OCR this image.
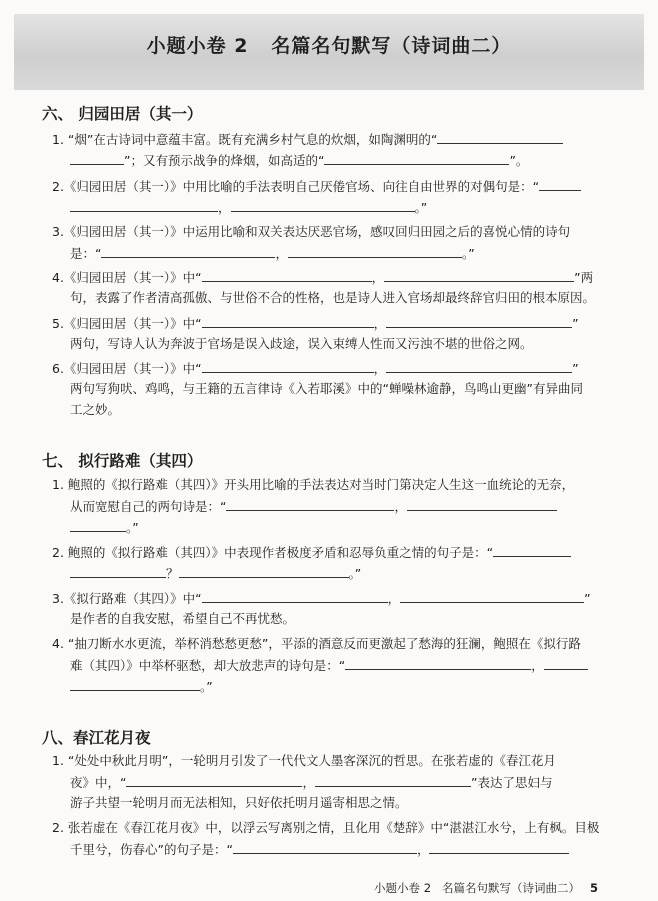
小题小卷 2   名篇名句默写（诗词曲二）
六、 归园田居（其一）
1. “烟”在古诗词中意蕴丰富。既有充满乡村气息的炊烟，如陶渊明的“
”；又有预示战争的烽烟，如高适的“	”。
2.《归园田居（其一）》中用比喻的手法表明自己厌倦官场、向往自由世界的对偶句是：“
，	。”
3.《归园田居（其一）》中运用比喻和双关表达厌恶官场，感叹回归田园之后的喜悦心情的诗句
是：“	，	。”
4.《归园田居（其一）》中“	，	”两
句，表露了作者清高孤傲、与世俗不合的性格，也是诗人进入官场却最终辞官归田的根本原因。
5.《归园田居（其一）》中“	，	”
两句，写诗人认为奔波于官场是误入歧途，误入束缚人性而又污浊不堪的世俗之网。
6.《归园田居（其一）》中“	，	”
两句写狗吠、鸡鸣，与王籍的五言律诗《入若耶溪》中的“蝉噪林逾静，鸟鸣山更幽”有异曲同
工之妙。
七、 拟行路难（其四）
1. 鲍照的《拟行路难（其四）》开头用比喻的手法表达对当时门第决定人生这一血统论的无奈，
从而宽慰自己的两句诗是：“	，
。”
2. 鲍照的《拟行路难（其四）》中表现作者极度矛盾和忍辱负重之情的句子是：“
？	。”
3.《拟行路难（其四）》中“	，	”
是作者的自我安慰，希望自己不再忧愁。
4. “抽刀断水水更流，举杯消愁愁更愁”，平添的酒意反而更激起了愁海的狂澜，鲍照在《拟行路
难（其四）》中举杯驱愁，却大放悲声的诗句是：“	，
。”
八、春江花月夜
1. “处处中秋此月明”，一轮明月引发了一代代文人墨客深沉的哲思。在张若虚的《春江花月
夜》中，“	，	”表达了思妇与
游子共望一轮明月而无法相知，只好依托明月遥寄相思之情。
2. 张若虚在《春江花月夜》中，以浮云写离别之情，且化用《楚辞》中“湛湛江水兮，上有枫。目极
千里兮，伤春心”的句子是：“	，
小题小卷 2   名篇名句默写（诗词曲二） 5
